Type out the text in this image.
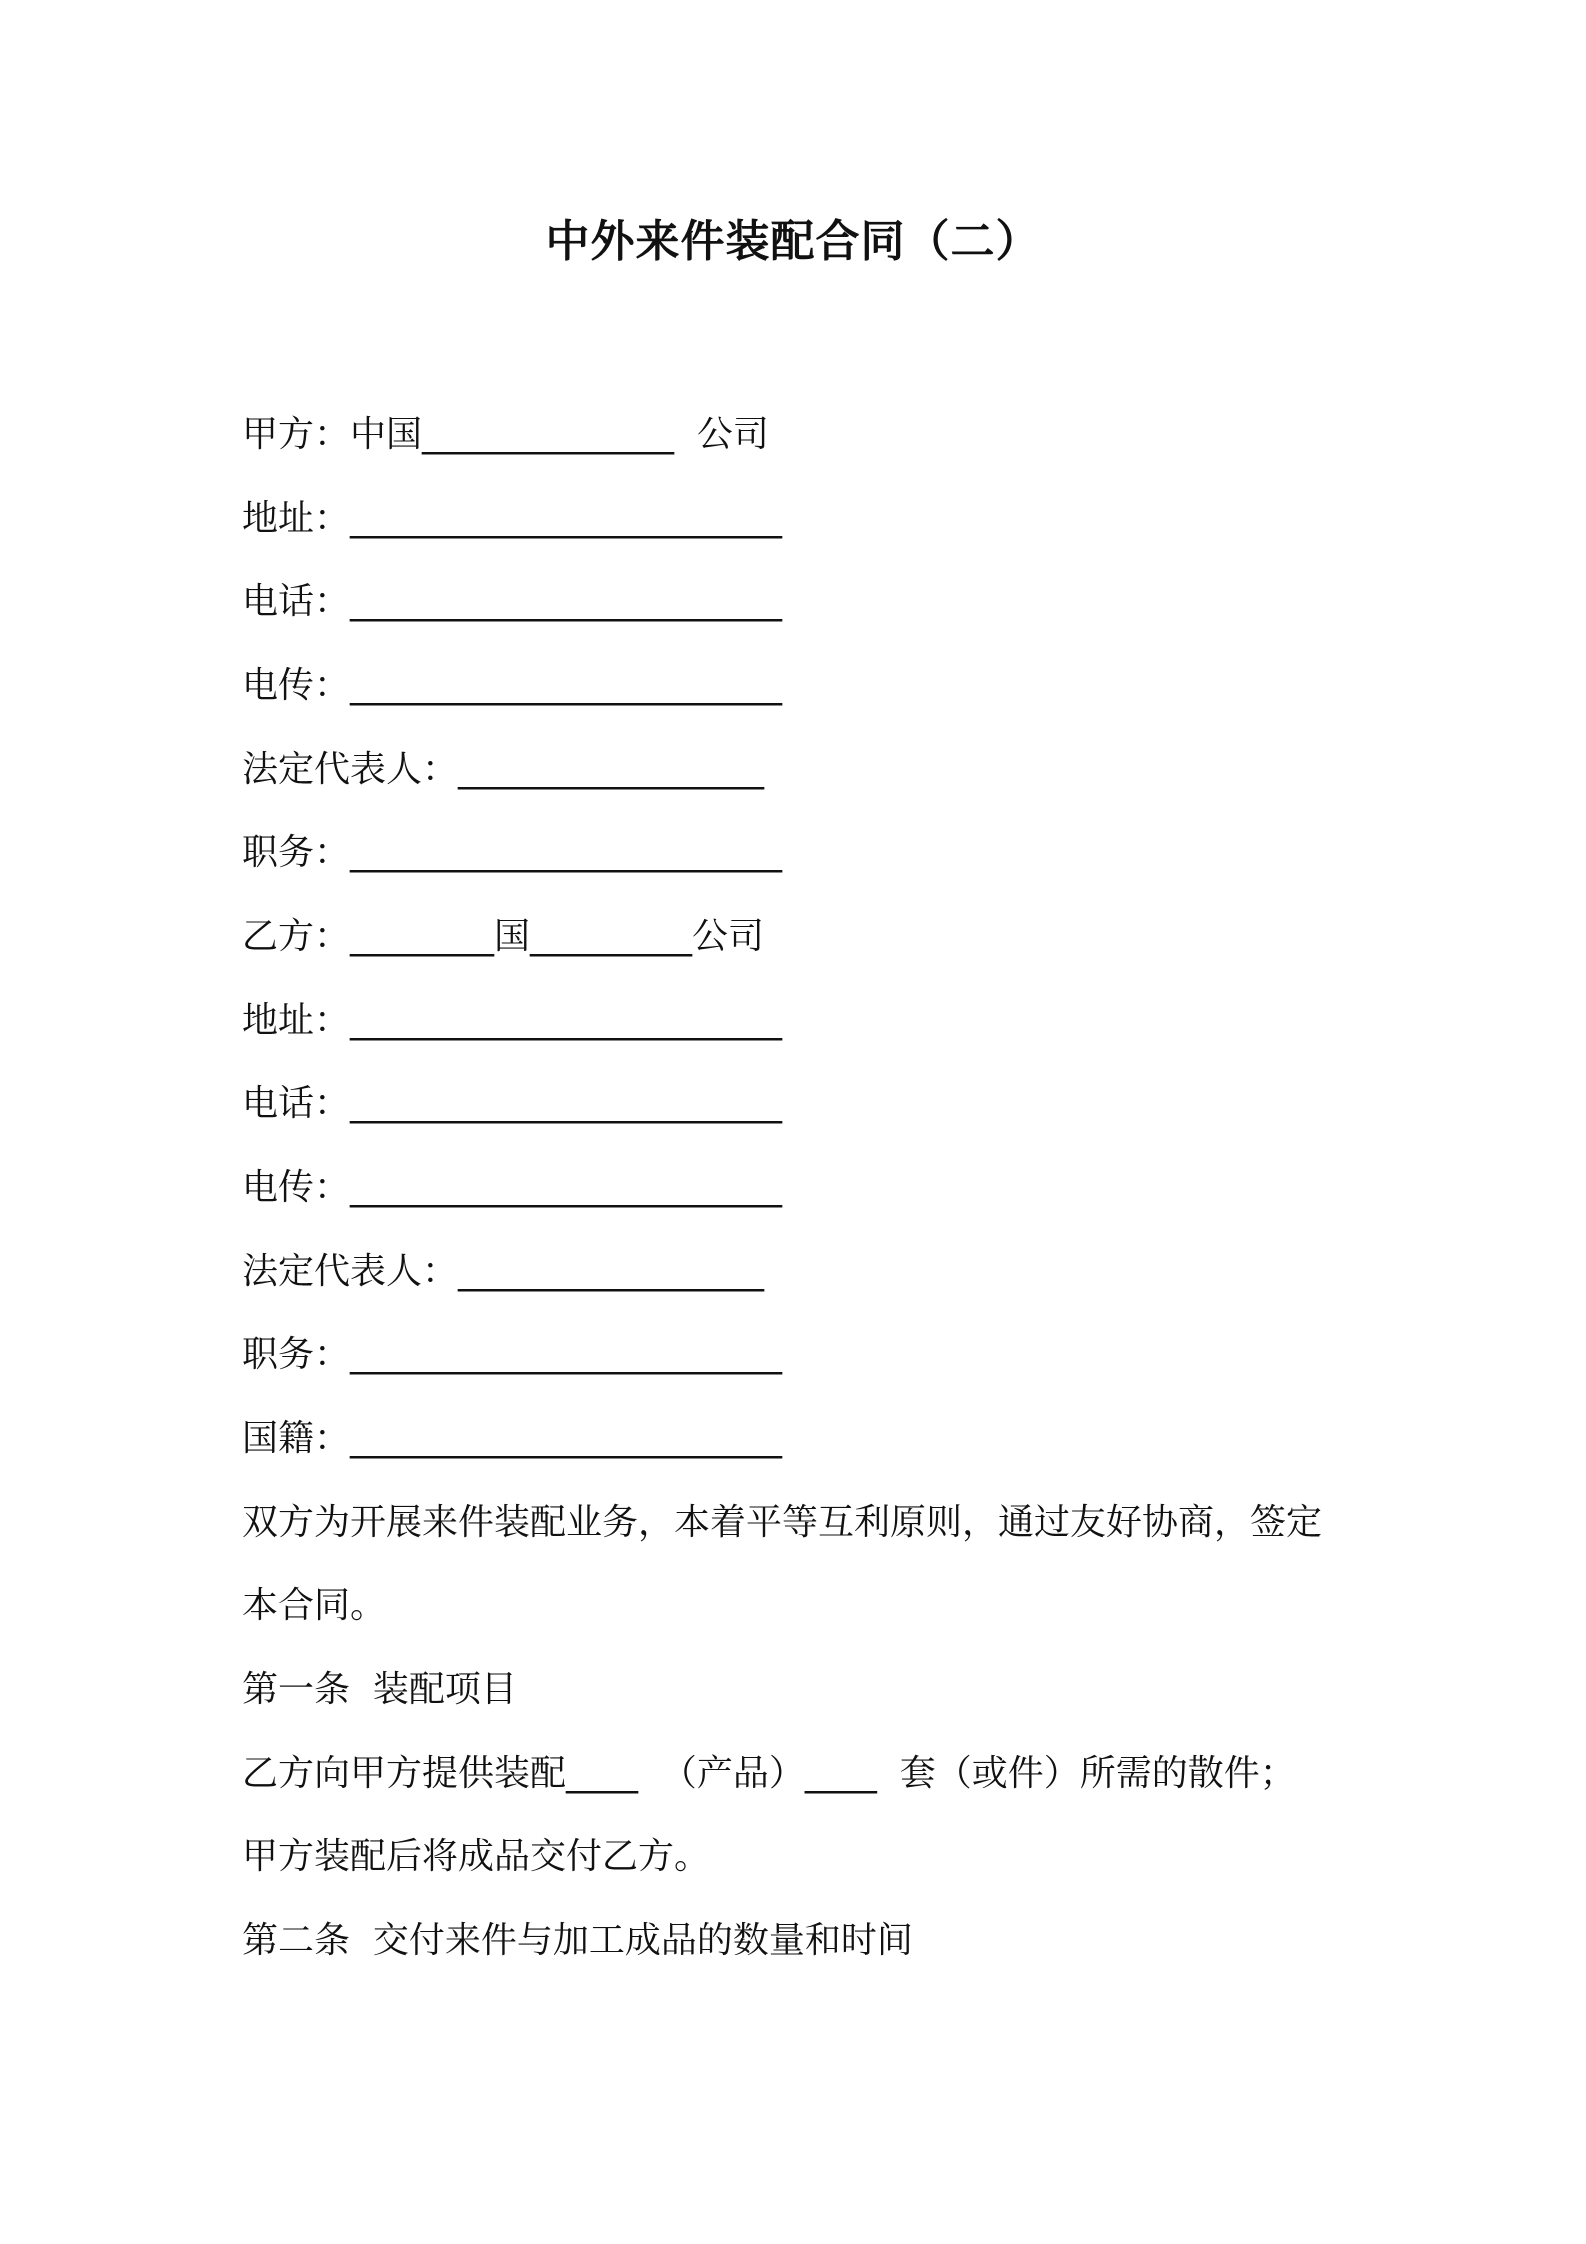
中外来件装配合同（二）
甲方：中国______________  公司
地址：________________________
电话：________________________
电传：________________________
法定代表人：_________________
职务：________________________
乙方：________国_________公司
地址：________________________
电话：________________________
电传：________________________
法定代表人：_________________
职务：________________________
国籍：________________________
双方为开展来件装配业务，本着平等互利原则，通过友好协商，签定
本合同。
第一条  装配项目
乙方向甲方提供装配____  （产品）____  套（或件）所需的散件；
甲方装配后将成品交付乙方。
第二条  交付来件与加工成品的数量和时间
